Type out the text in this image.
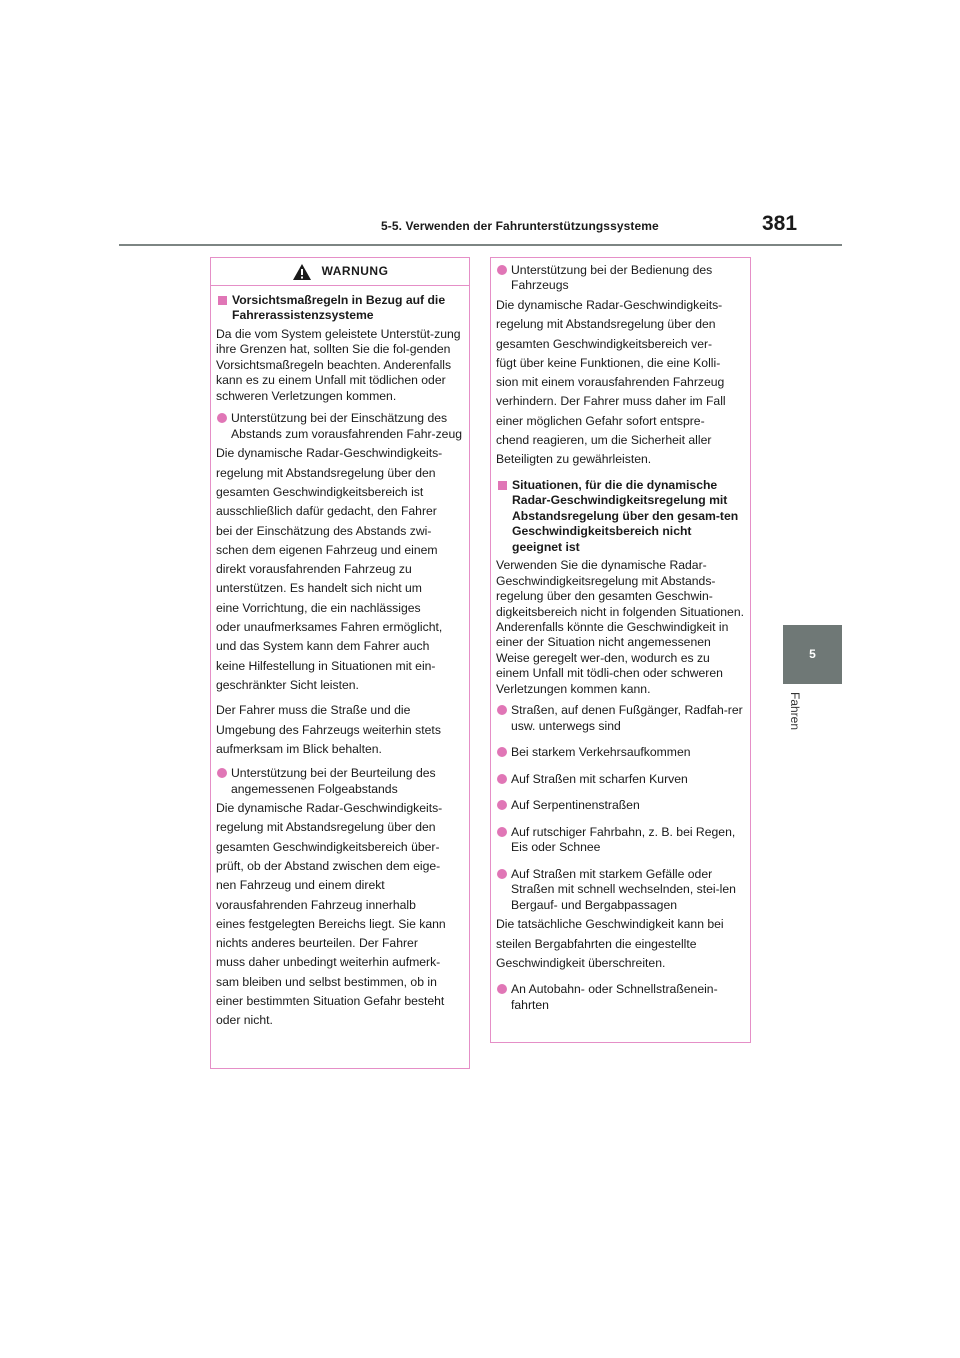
5-5. Verwenden der Fahrunterstützungssysteme	381
5
Fahren
WARNUNG
Vorsichtsmaßregeln in Bezug auf die Fahrerassistenzsysteme

Da die vom System geleistete Unterstüt-zung ihre Grenzen hat, sollten Sie die fol-genden Vorsichtsmaßregeln beachten. Anderenfalls kann es zu einem Unfall mit tödlichen oder schweren Verletzungen kommen.

Unterstützung bei der Einschätzung des Abstands zum vorausfahrenden Fahr-zeug

Die dynamische Radar-Geschwindigkeits-

regelung mit Abstandsregelung über den

gesamten Geschwindigkeitsbereich ist

ausschließlich dafür gedacht, den Fahrer

bei der Einschätzung des Abstands zwi-

schen dem eigenen Fahrzeug und einem

direkt vorausfahrenden Fahrzeug zu

unterstützen. Es handelt sich nicht um

eine Vorrichtung, die ein nachlässiges

oder unaufmerksames Fahren ermöglicht,

und das System kann dem Fahrer auch

keine Hilfestellung in Situationen mit ein-

geschränkter Sicht leisten.

Der Fahrer muss die Straße und die

Umgebung des Fahrzeugs weiterhin stets

aufmerksam im Blick behalten.

Unterstützung bei der Beurteilung des angemessenen Folgeabstands

Die dynamische Radar-Geschwindigkeits-

regelung mit Abstandsregelung über den

gesamten Geschwindigkeitsbereich über-

prüft, ob der Abstand zwischen dem eige-

nen Fahrzeug und einem direkt

vorausfahrenden Fahrzeug innerhalb

eines festgelegten Bereichs liegt. Sie kann

nichts anderes beurteilen. Der Fahrer

muss daher unbedingt weiterhin aufmerk-

sam bleiben und selbst bestimmen, ob in

einer bestimmten Situation Gefahr besteht

oder nicht.

Unterstützung bei der Bedienung des Fahrzeugs

Die dynamische Radar-Geschwindigkeits-

regelung mit Abstandsregelung über den

gesamten Geschwindigkeitsbereich ver-

fügt über keine Funktionen, die eine Kolli-

sion mit einem vorausfahrenden Fahrzeug

verhindern. Der Fahrer muss daher im Fall

einer möglichen Gefahr sofort entspre-

chend reagieren, um die Sicherheit aller

Beteiligten zu gewährleisten.

Situationen, für die die dynamische Radar-Geschwindigkeitsregelung mit Abstandsregelung über den gesam-ten Geschwindigkeitsbereich nicht geeignet ist

Verwenden Sie die dynamische Radar-Geschwindigkeitsregelung mit Abstands-regelung über den gesamten Geschwin-digkeitsbereich nicht in folgenden Situationen. Anderenfalls könnte die Geschwindigkeit in einer der Situation nicht angemessenen Weise geregelt wer-den, wodurch es zu einem Unfall mit tödli-chen oder schweren Verletzungen kommen kann.

Straßen, auf denen Fußgänger, Radfah-rer usw. unterwegs sind
Bei starkem Verkehrsaufkommen
Auf Straßen mit scharfen Kurven
Auf Serpentinenstraßen
Auf rutschiger Fahrbahn, z. B. bei Regen, Eis oder Schnee
Auf Straßen mit starkem Gefälle oder Straßen mit schnell wechselnden, stei-len Bergauf- und Bergabpassagen

Die tatsächliche Geschwindigkeit kann bei

steilen Bergabfahrten die eingestellte

Geschwindigkeit überschreiten.

An Autobahn- oder Schnellstraßenein-fahrten
